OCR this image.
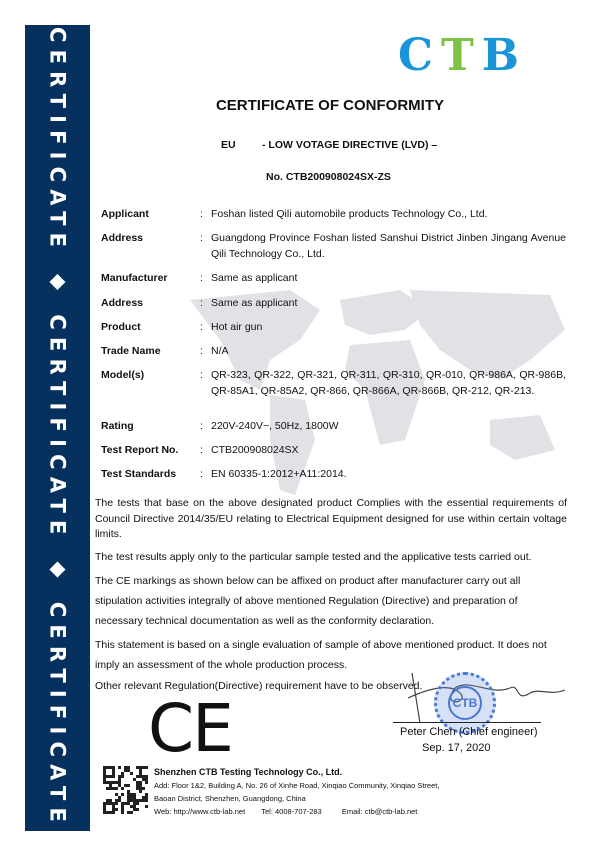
CERTIFICATE ◆ CERTIFICATE ◆ CERTIFICATE	CTB
CERTIFICATE OF CONFORMITY
EU	- LOW VOTAGE DIRECTIVE (LVD) –
No. CTB200908024SX-ZS
Applicant	: Foshan listed Qili automobile products Technology Co., Ltd.
Address	: Guangdong Province Foshan listed Sanshui District Jinben Jingang Avenue Qili Technology Co., Ltd.
Manufacturer	: Same as applicant
Address	: Same as applicant
Product	: Hot air gun
Trade Name	: N/A
Model(s)	: QR-323, QR-322, QR-321, QR-311, QR-310, QR-010, QR-986A, QR-986B, QR-85A1, QR-85A2, QR-866, QR-866A, QR-866B, QR-212, QR-213.
Rating	: 220V-240V~, 50Hz, 1800W
Test Report No. : CTB200908024SX
Test Standards : EN 60335-1:2012+A11:2014.
The tests that base on the above designated product Complies with the essential requirements of Council Directive 2014/35/EU relating to Electrical Equipment designed for use within certain voltage limits.
The test results apply only to the particular sample tested and the applicative tests carried out.
The CE markings as shown below can be affixed on product after manufacturer carry out all stipulation activities integrally of above mentioned Regulation (Directive) and preparation of necessary technical documentation as well as the conformity declaration.
This statement is based on a single evaluation of sample of above mentioned product. It does not imply an assessment of the whole production process.
Other relevant Regulation(Directive) requirement have to be observed.
CE	CTB
Peter Chen (Chief engineer)
Sep. 17, 2020
Shenzhen CTB Testing Technology Co., Ltd.
Add: Floor 1&2, Building A, No. 26 of Xinhe Road, Xinqiao Community, Xinqiao Street,
Baoan District, Shenzhen, Guangdong, China
Web: http://www.ctb-lab.net Tel: 4008-707-283	Email: ctb@ctb-lab.net
